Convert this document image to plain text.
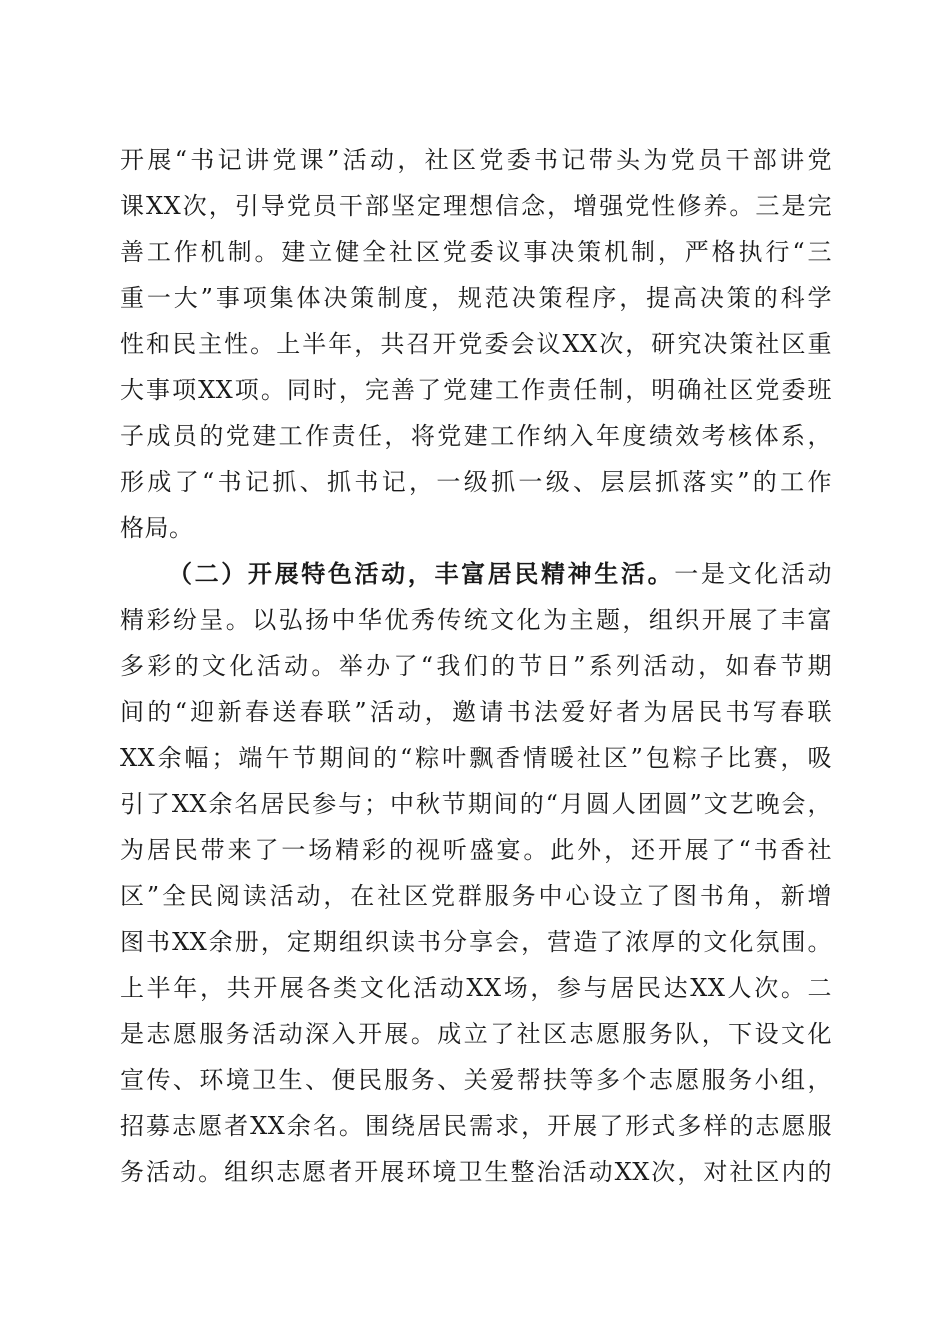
开展“书记讲党课”活动，社区党委书记带头为党员干部讲党
课XX次，引导党员干部坚定理想信念，增强党性修养。三是完
善工作机制。建立健全社区党委议事决策机制，严格执行“三
重一大”事项集体决策制度，规范决策程序，提高决策的科学
性和民主性。上半年，共召开党委会议XX次，研究决策社区重
大事项XX项。同时，完善了党建工作责任制，明确社区党委班
子成员的党建工作责任，将党建工作纳入年度绩效考核体系，
形成了“书记抓、抓书记，一级抓一级、层层抓落实”的工作
格局。
（二）开展特色活动，丰富居民精神生活。一是文化活动
精彩纷呈。以弘扬中华优秀传统文化为主题，组织开展了丰富
多彩的文化活动。举办了“我们的节日”系列活动，如春节期
间的“迎新春送春联”活动，邀请书法爱好者为居民书写春联
XX余幅；端午节期间的“粽叶飘香情暖社区”包粽子比赛，吸
引了XX余名居民参与；中秋节期间的“月圆人团圆”文艺晚会，
为居民带来了一场精彩的视听盛宴。此外，还开展了“书香社
区”全民阅读活动，在社区党群服务中心设立了图书角，新增
图书XX余册，定期组织读书分享会，营造了浓厚的文化氛围。
上半年，共开展各类文化活动XX场，参与居民达XX人次。二
是志愿服务活动深入开展。成立了社区志愿服务队，下设文化
宣传、环境卫生、便民服务、关爱帮扶等多个志愿服务小组，
招募志愿者XX余名。围绕居民需求，开展了形式多样的志愿服
务活动。组织志愿者开展环境卫生整治活动XX次，对社区内的
